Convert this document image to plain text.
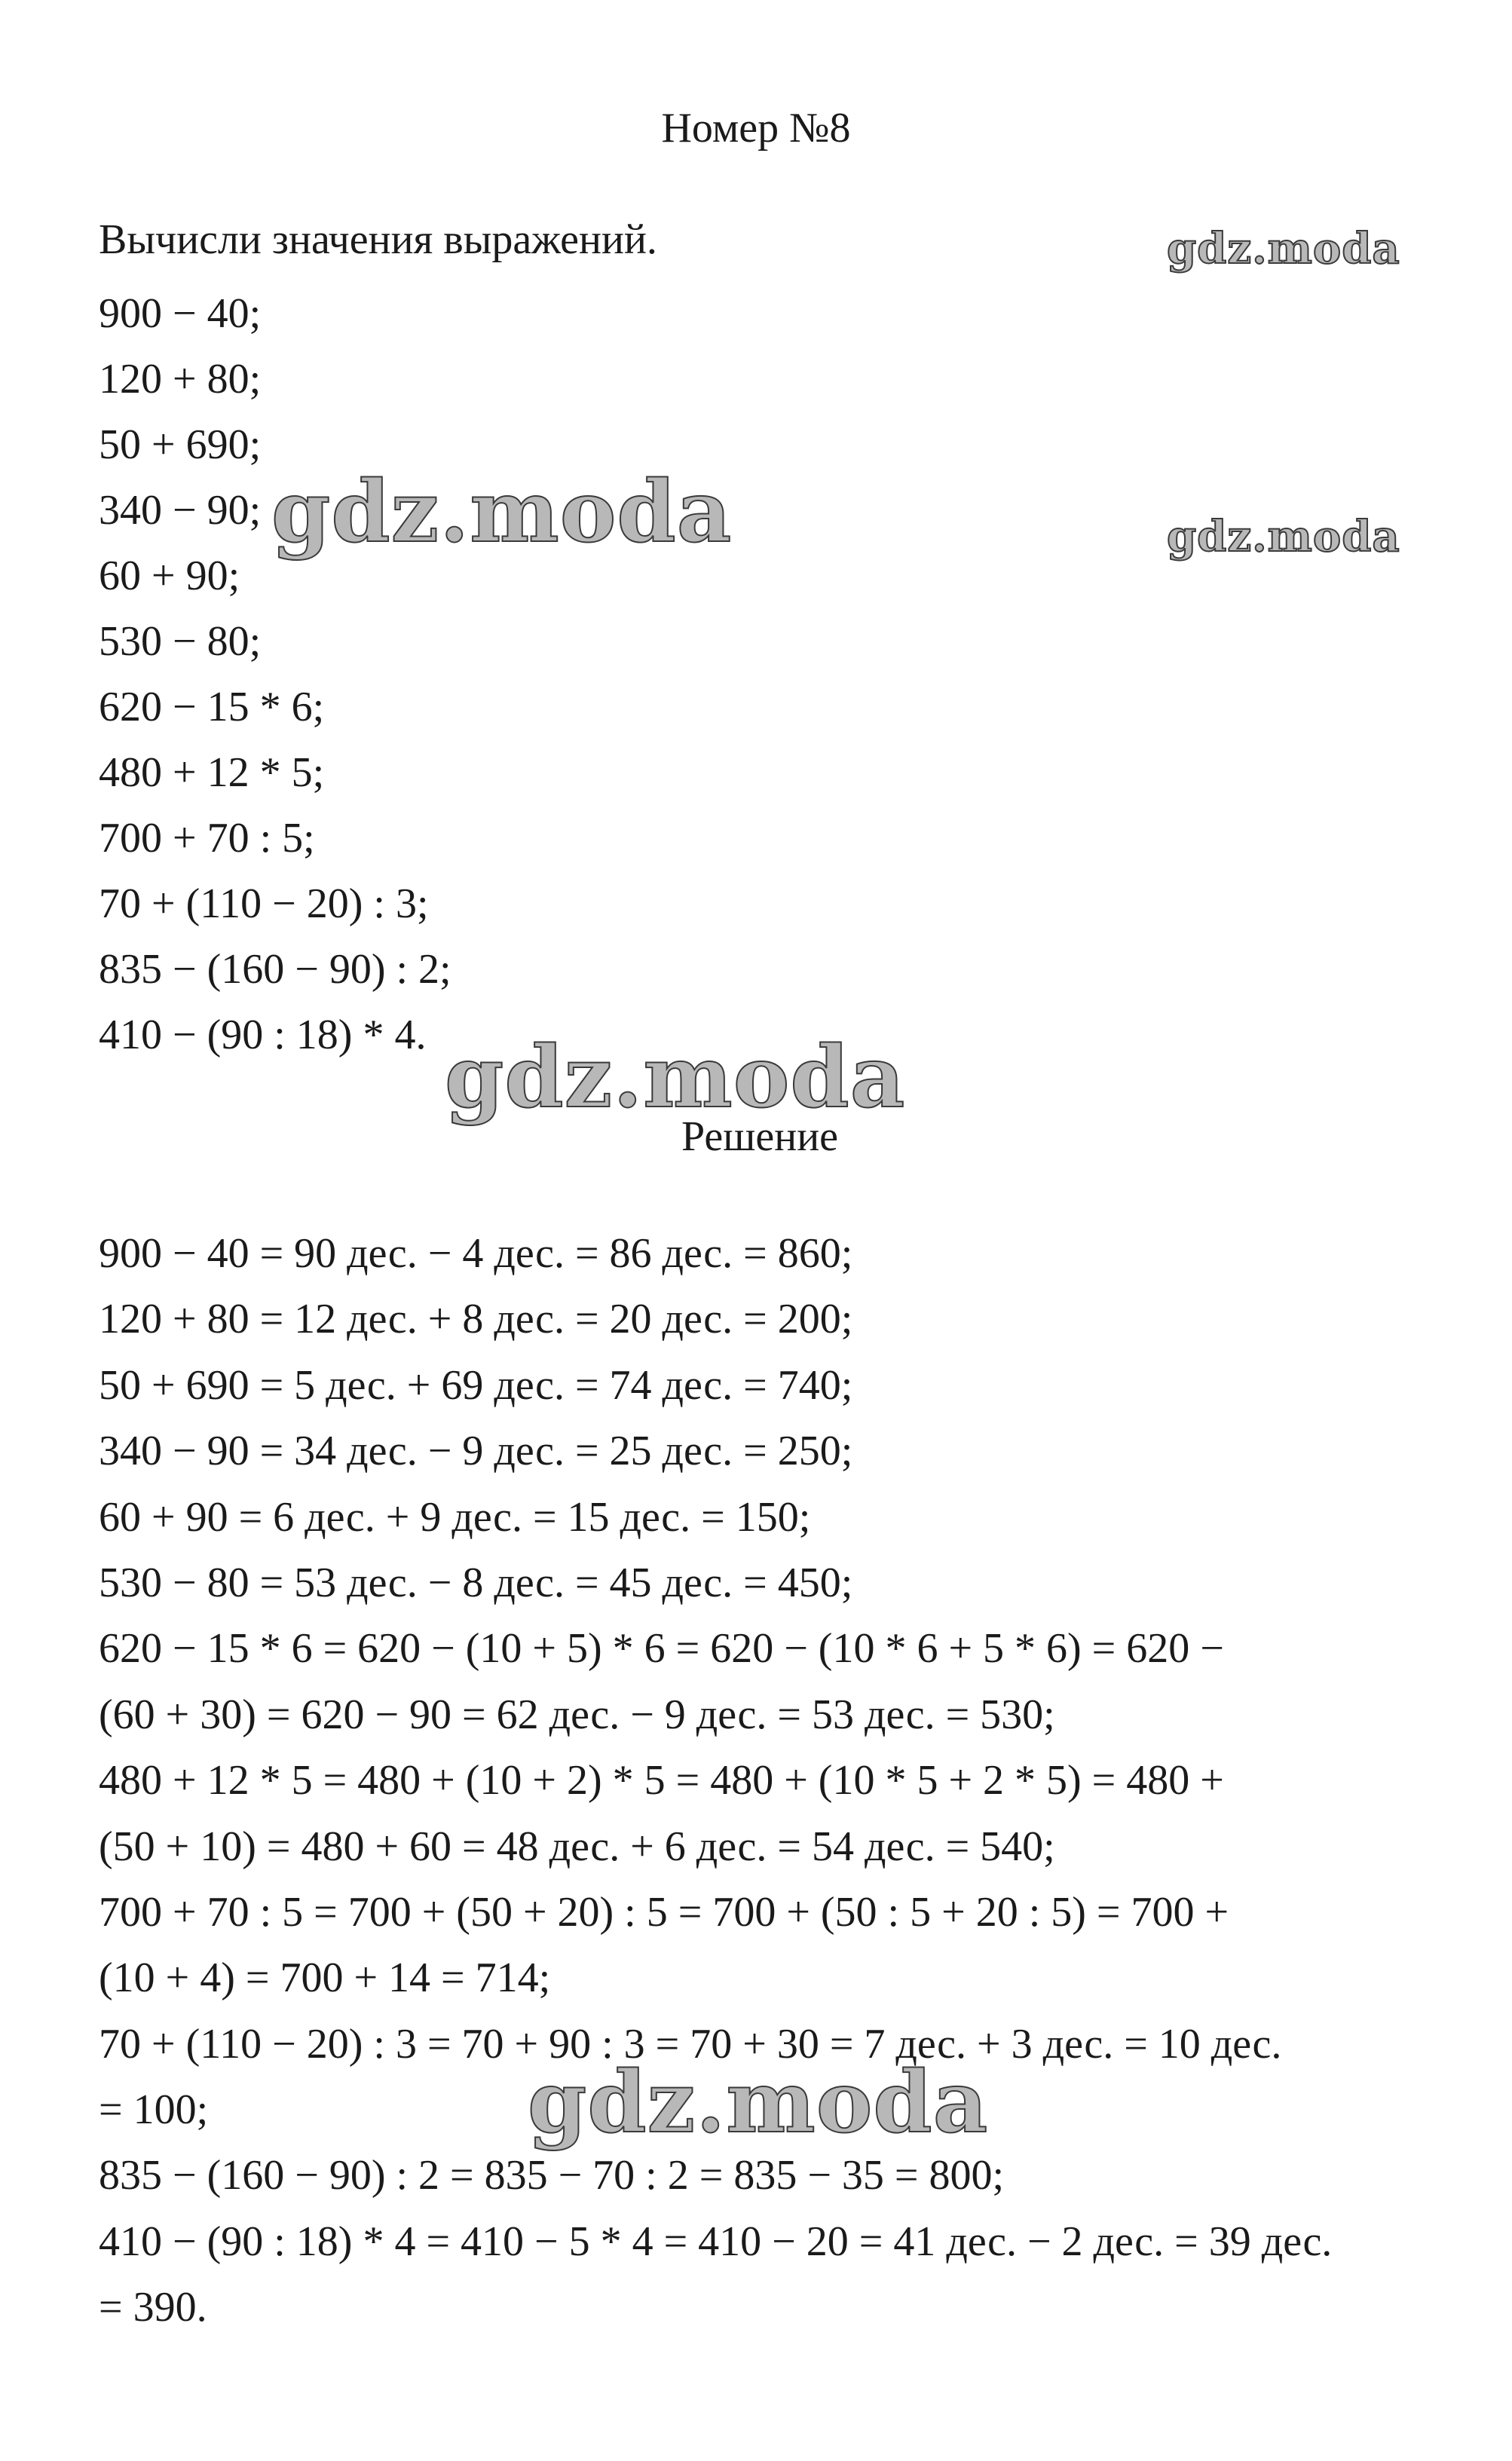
Номер №8
Вычисли значения выражений.
900 − 40;
120 + 80;
50 + 690;
340 − 90;
60 + 90;
530 − 80;
620 − 15 * 6;
480 + 12 * 5;
700 + 70 : 5;
70 + (110 − 20) : 3;
835 − (160 − 90) : 2;
410 − (90 : 18) * 4.
Решение
900 − 40 = 90 дес. − 4 дес. = 86 дес. = 860;
120 + 80 = 12 дес. + 8 дес. = 20 дес. = 200;
50 + 690 = 5 дес. + 69 дес. = 74 дес. = 740;
340 − 90 = 34 дес. − 9 дес. = 25 дес. = 250;
60 + 90 = 6 дес. + 9 дес. = 15 дес. = 150;
530 − 80 = 53 дес. − 8 дес. = 45 дес. = 450;
620 − 15 * 6 = 620 − (10 + 5) * 6 = 620 − (10 * 6 + 5 * 6) = 620 −
(60 + 30) = 620 − 90 = 62 дес. − 9 дес. = 53 дес. = 530;
480 + 12 * 5 = 480 + (10 + 2) * 5 = 480 + (10 * 5 + 2 * 5) = 480 +
(50 + 10) = 480 + 60 = 48 дес. + 6 дес. = 54 дес. = 540;
700 + 70 : 5 = 700 + (50 + 20) : 5 = 700 + (50 : 5 + 20 : 5) = 700 +
(10 + 4) = 700 + 14 = 714;
70 + (110 − 20) : 3 = 70 + 90 : 3 = 70 + 30 = 7 дес. + 3 дес. = 10 дес.
= 100;
835 − (160 − 90) : 2 = 835 − 70 : 2 = 835 − 35 = 800;
410 − (90 : 18) * 4 = 410 − 5 * 4 = 410 − 20 = 41 дес. − 2 дес. = 39 дес.
= 390.
gdz.moda
gdz.moda
gdz.moda
gdz.moda
gdz.moda
